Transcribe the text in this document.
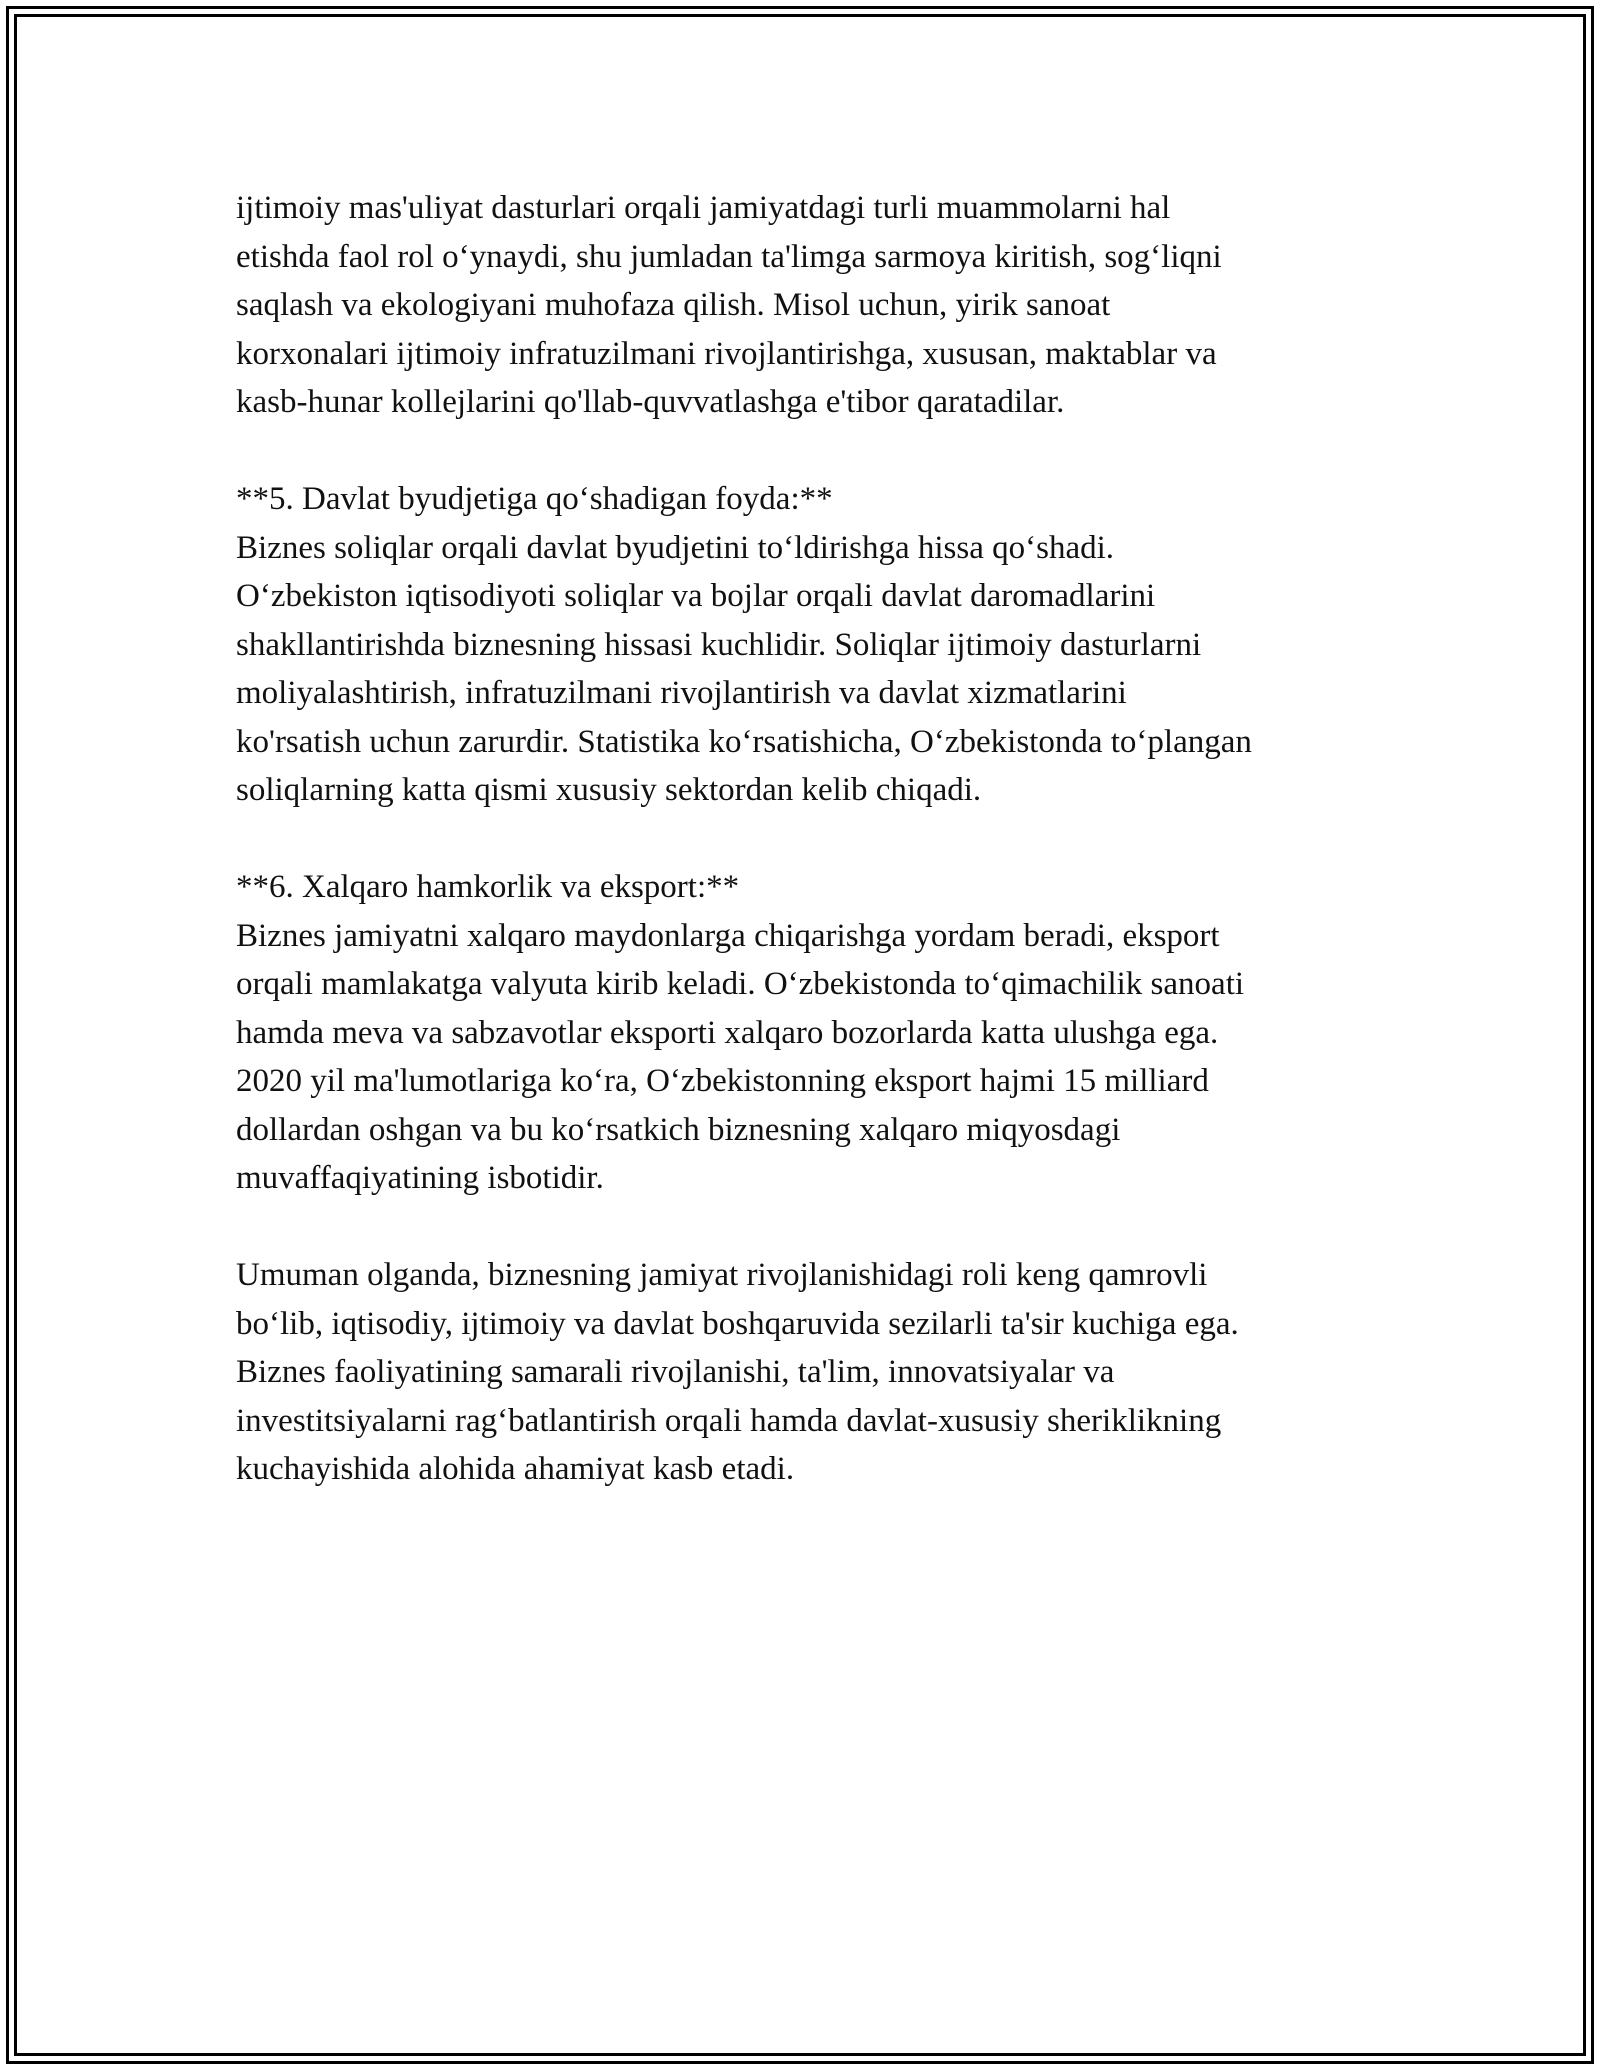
ijtimoiy mas'uliyat dasturlari orqali jamiyatdagi turli muammolarni hal
etishda faol rol o‘ynaydi, shu jumladan ta'limga sarmoya kiritish, sog‘liqni
saqlash va ekologiyani muhofaza qilish. Misol uchun, yirik sanoat
korxonalari ijtimoiy infratuzilmani rivojlantirishga, xususan, maktablar va
kasb-hunar kollejlarini qo'llab-quvvatlashga e'tibor qaratadilar.
**5. Davlat byudjetiga qo‘shadigan foyda:**
Biznes soliqlar orqali davlat byudjetini to‘ldirishga hissa qo‘shadi.
O‘zbekiston iqtisodiyoti soliqlar va bojlar orqali davlat daromadlarini
shakllantirishda biznesning hissasi kuchlidir. Soliqlar ijtimoiy dasturlarni
moliyalashtirish, infratuzilmani rivojlantirish va davlat xizmatlarini
ko'rsatish uchun zarurdir. Statistika ko‘rsatishicha, O‘zbekistonda to‘plangan
soliqlarning katta qismi xususiy sektordan kelib chiqadi.
**6. Xalqaro hamkorlik va eksport:**
Biznes jamiyatni xalqaro maydonlarga chiqarishga yordam beradi, eksport
orqali mamlakatga valyuta kirib keladi. O‘zbekistonda to‘qimachilik sanoati
hamda meva va sabzavotlar eksporti xalqaro bozorlarda katta ulushga ega.
2020 yil ma'lumotlariga ko‘ra, O‘zbekistonning eksport hajmi 15 milliard
dollardan oshgan va bu ko‘rsatkich biznesning xalqaro miqyosdagi
muvaffaqiyatining isbotidir.
Umuman olganda, biznesning jamiyat rivojlanishidagi roli keng qamrovli
bo‘lib, iqtisodiy, ijtimoiy va davlat boshqaruvida sezilarli ta'sir kuchiga ega.
Biznes faoliyatining samarali rivojlanishi, ta'lim, innovatsiyalar va
investitsiyalarni rag‘batlantirish orqali hamda davlat-xususiy sheriklikning
kuchayishida alohida ahamiyat kasb etadi.
